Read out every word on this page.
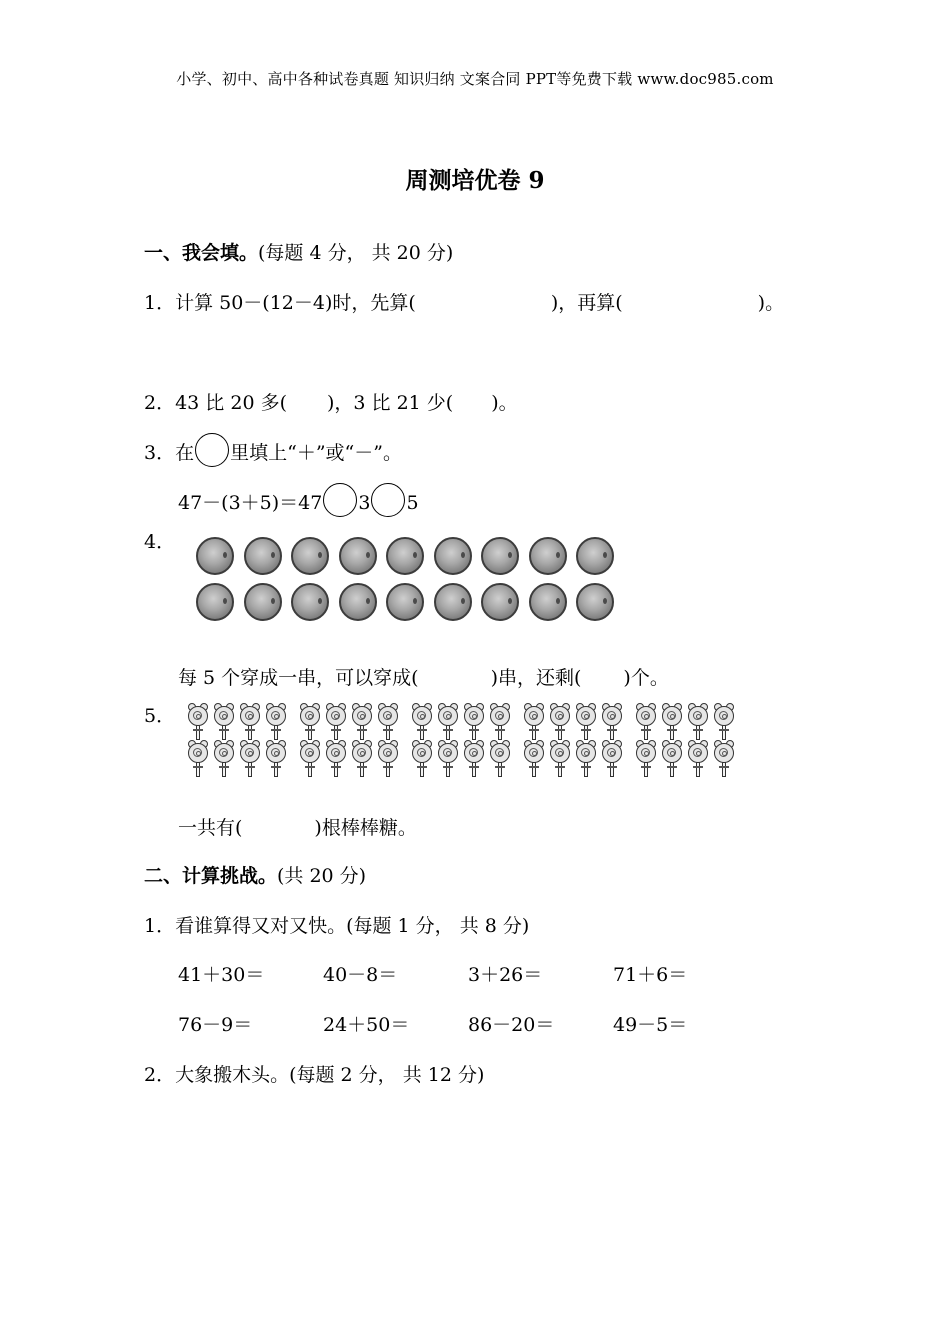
小学、初中、高中各种试卷真题 知识归纳 文案合同 PPT等免费下载 www.doc985.com
周测培优卷 9
一、我会填。(每题 4 分， 共 20 分)
1．计算 50－(12－4)时，先算(	)，再算(	)。
2．43 比 20 多( )，3 比 21 少( )。
3．在 里填上“＋”或“－”。
47－(3＋5)＝47 3 5
4．
每 5 个穿成一串，可以穿成(	)串，还剩( )个。
5．
一共有(	)根棒棒糖。
二、计算挑战。(共 20 分)
1．看谁算得又对又快。(每题 1 分， 共 8 分)
41＋30＝	40－8＝	3＋26＝	71＋6＝
76－9＝	24＋50＝	86－20＝	49－5＝
2．大象搬木头。(每题 2 分， 共 12 分)
